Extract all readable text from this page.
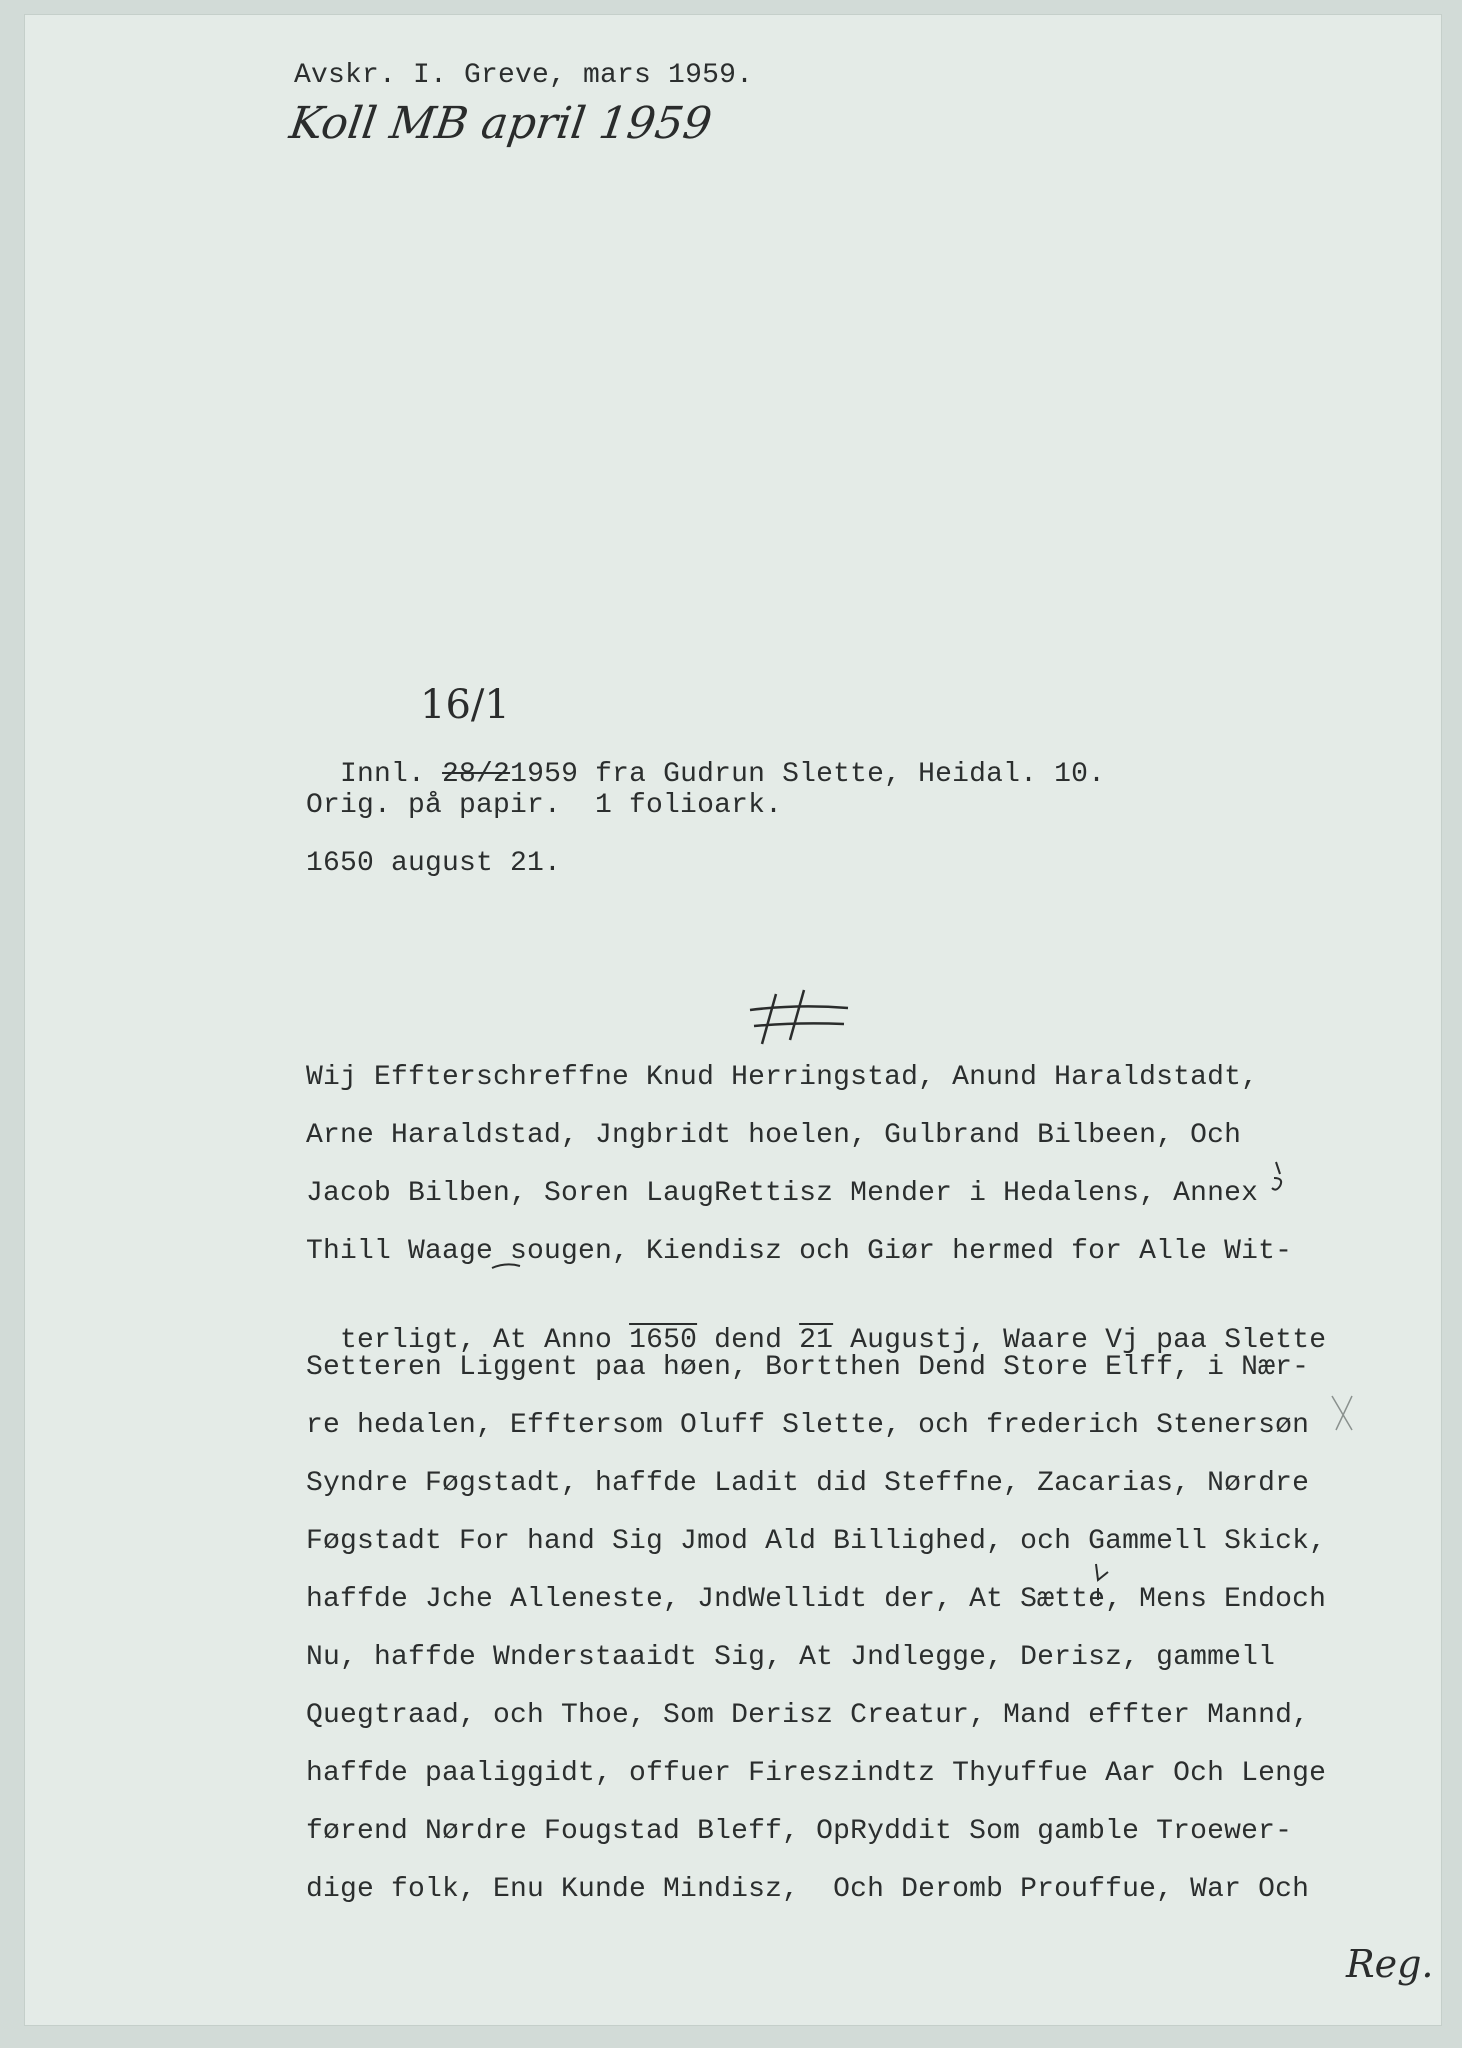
Avskr. I. Greve, mars 1959.
Koll MB april 1959

Innl. 28/21959 fra Gudrun Slette, Heidal. 10.

16/1
Orig. på papir.  1 folioark.
1650 august 21.
Wij Effterschreffne Knud Herringstad, Anund Haraldstadt,
Arne Haraldstad, Jngbridt hoelen, Gulbrand Bilbeen, Och
Jacob Bilben, Soren LaugRettisz Mender i Hedalens, Annex
Thill Waage sougen, Kiendisz och Giør hermed for Alle Wit-

terligt, At Anno 1650 dend 21 Augustj, Waare Vj paa Slette

Setteren Liggent paa høen, Bortthen Dend Store Elff, i Nær-
re hedalen, Efftersom Oluff Slette, och frederich Stenersøn
Syndre Føgstadt, haffde Ladit did Steffne, Zacarias, Nørdre
Føgstadt For hand Sig Jmod Ald Billighed, och Gammell Skick,
haffde Jche Alleneste, JndWellidt der, At Sætte, Mens Endoch
Nu, haffde Wnderstaaidt Sig, At Jndlegge, Derisz, gammell
Quegtraad, och Thoe, Som Derisz Creatur, Mand effter Mannd,
haffde paaliggidt, offuer Fireszindtz Thyuffue Aar Och Lenge
førend Nørdre Fougstad Bleff, OpRyddit Som gamble Troewer-
dige folk, Enu Kunde Mindisz,  Och Deromb Prouffue, War Och
Reg.
